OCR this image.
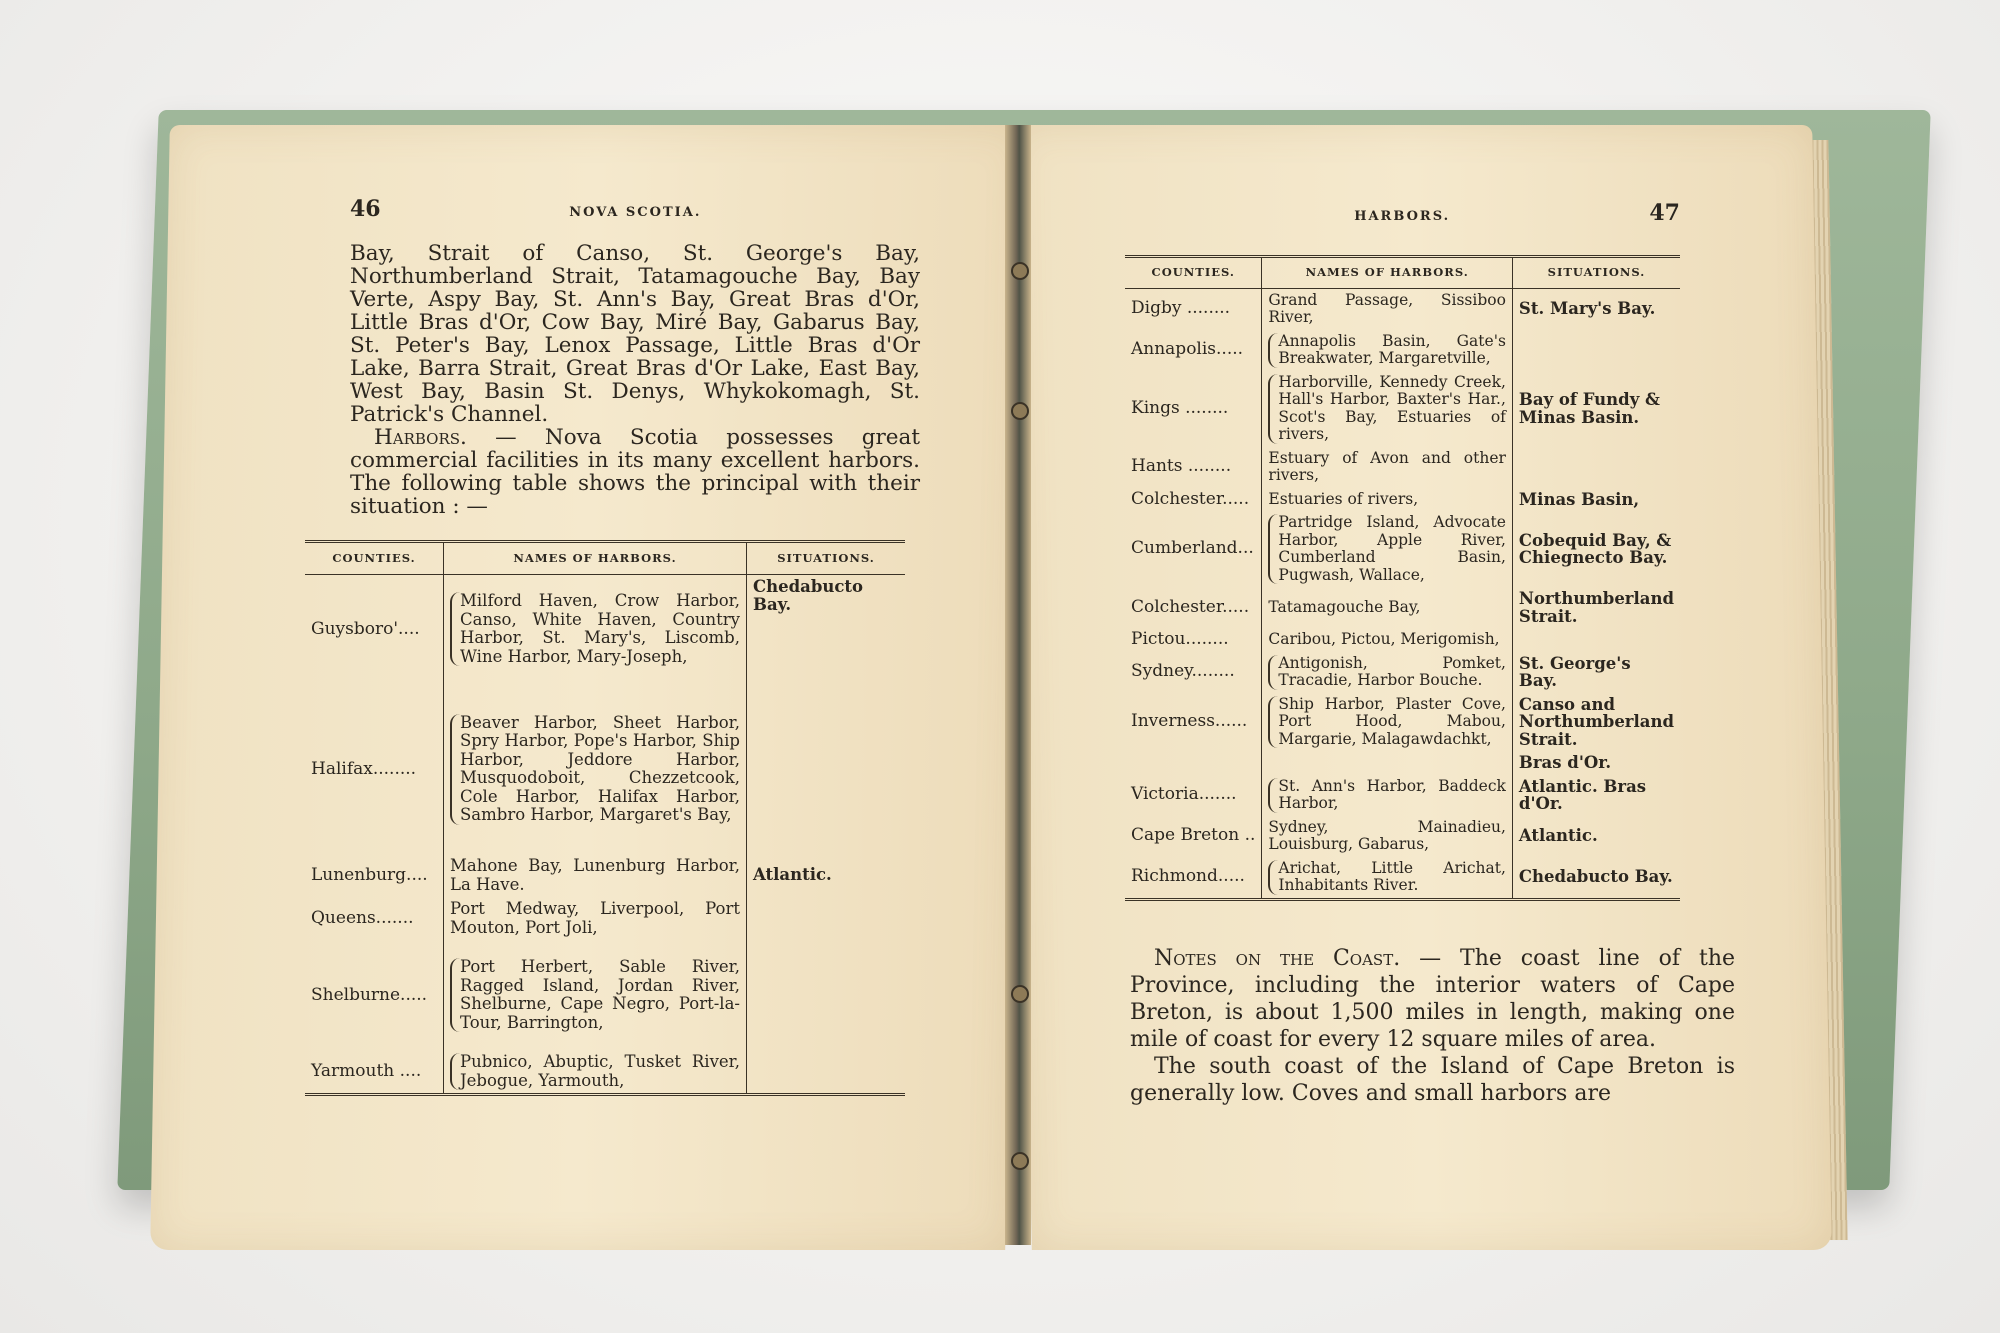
46	NOVA SCOTIA.

Bay, Strait of Canso, St. George's Bay, Northumberland Strait, Tatamagouche Bay, Bay Verte, Aspy Bay, St. Ann's Bay, Great Bras d'Or, Little Bras d'Or, Cow Bay, Miré Bay, Gabarus Bay, St. Peter's Bay, Lenox Passage, Little Bras d'Or Lake, Barra Strait, Great Bras d'Or Lake, East Bay, West Bay, Basin St. Denys, Whykokomagh, St. Patrick's Channel.

Harbors. — Nova Scotia possesses great commercial facilities in its many excellent harbors. The following table shows the principal with their situation : —

COUNTIES.	NAMES OF HARBORS.	SITUATIONS.
Guysboro'....	Milford Haven, Crow Harbor, Canso, White Haven, Country Harbor, St. Mary's, Liscomb, Wine Harbor, Mary-Joseph,	Chedabucto Bay.
Halifax........	Beaver Harbor, Sheet Harbor, Spry Harbor, Pope's Harbor, Ship Harbor, Jeddore Harbor, Musquodoboit, Chezzetcook, Cole Harbor, Halifax Harbor, Sambro Harbor, Margaret's Bay,	

Lunenburg....	Mahone Bay, Lunenburg Harbor, La Have.	Atlantic.
Queens.......	Port Medway, Liverpool, Port Mouton, Port Joli,	
Shelburne.....	Port Herbert, Sable River, Ragged Island, Jordan River, Shelburne, Cape Negro, Port-la-Tour, Barrington,	

Yarmouth ....	Pubnico, Abuptic, Tusket River, Jebogue, Yarmouth,	

HARBORS.	47
COUNTIES.	NAMES OF HARBORS.	SITUATIONS.
Digby ........	Grand Passage, Sissiboo River,	St. Mary's Bay.
Annapolis.....	Annapolis Basin, Gate's Breakwater, Margaretville,	

Kings ........	Harborville, Kennedy Creek, Hall's Harbor, Baxter's Har., Scot's Bay, Estuaries of rivers,	Bay of Fundy & Minas Basin.
Hants ........	Estuary of Avon and other rivers,	
Colchester.....	Estuaries of rivers,	Minas Basin,
Cumberland...	Partridge Island, Advocate Harbor, Apple River, Cumberland Basin, Pugwash, Wallace,	Cobequid Bay, & Chiegnecto Bay.
Colchester.....	Tatamagouche Bay,	Northumberland Strait.
Pictou........	Caribou, Pictou, Merigomish,	
Sydney........	Antigonish, Pomket, Tracadie, Harbor Bouche.	St. George's Bay.
Inverness......	Ship Harbor, Plaster Cove, Port Hood, Mabou, Margarie, Malagawdachkt,	Canso and Northumberland Strait.
		Bras d'Or.
Victoria.......	St. Ann's Harbor, Baddeck Harbor,	Atlantic. Bras d'Or.
Cape Breton ..	Sydney, Mainadieu, Louisburg, Gabarus,	Atlantic.
Richmond.....	Arichat, Little Arichat, Inhabitants River.	Chedabucto Bay.

Notes on the Coast. — The coast line of the Province, including the interior waters of Cape Breton, is about 1,500 miles in length, making one mile of coast for every 12 square miles of area.

The south coast of the Island of Cape Breton is generally low. Coves and small harbors are
